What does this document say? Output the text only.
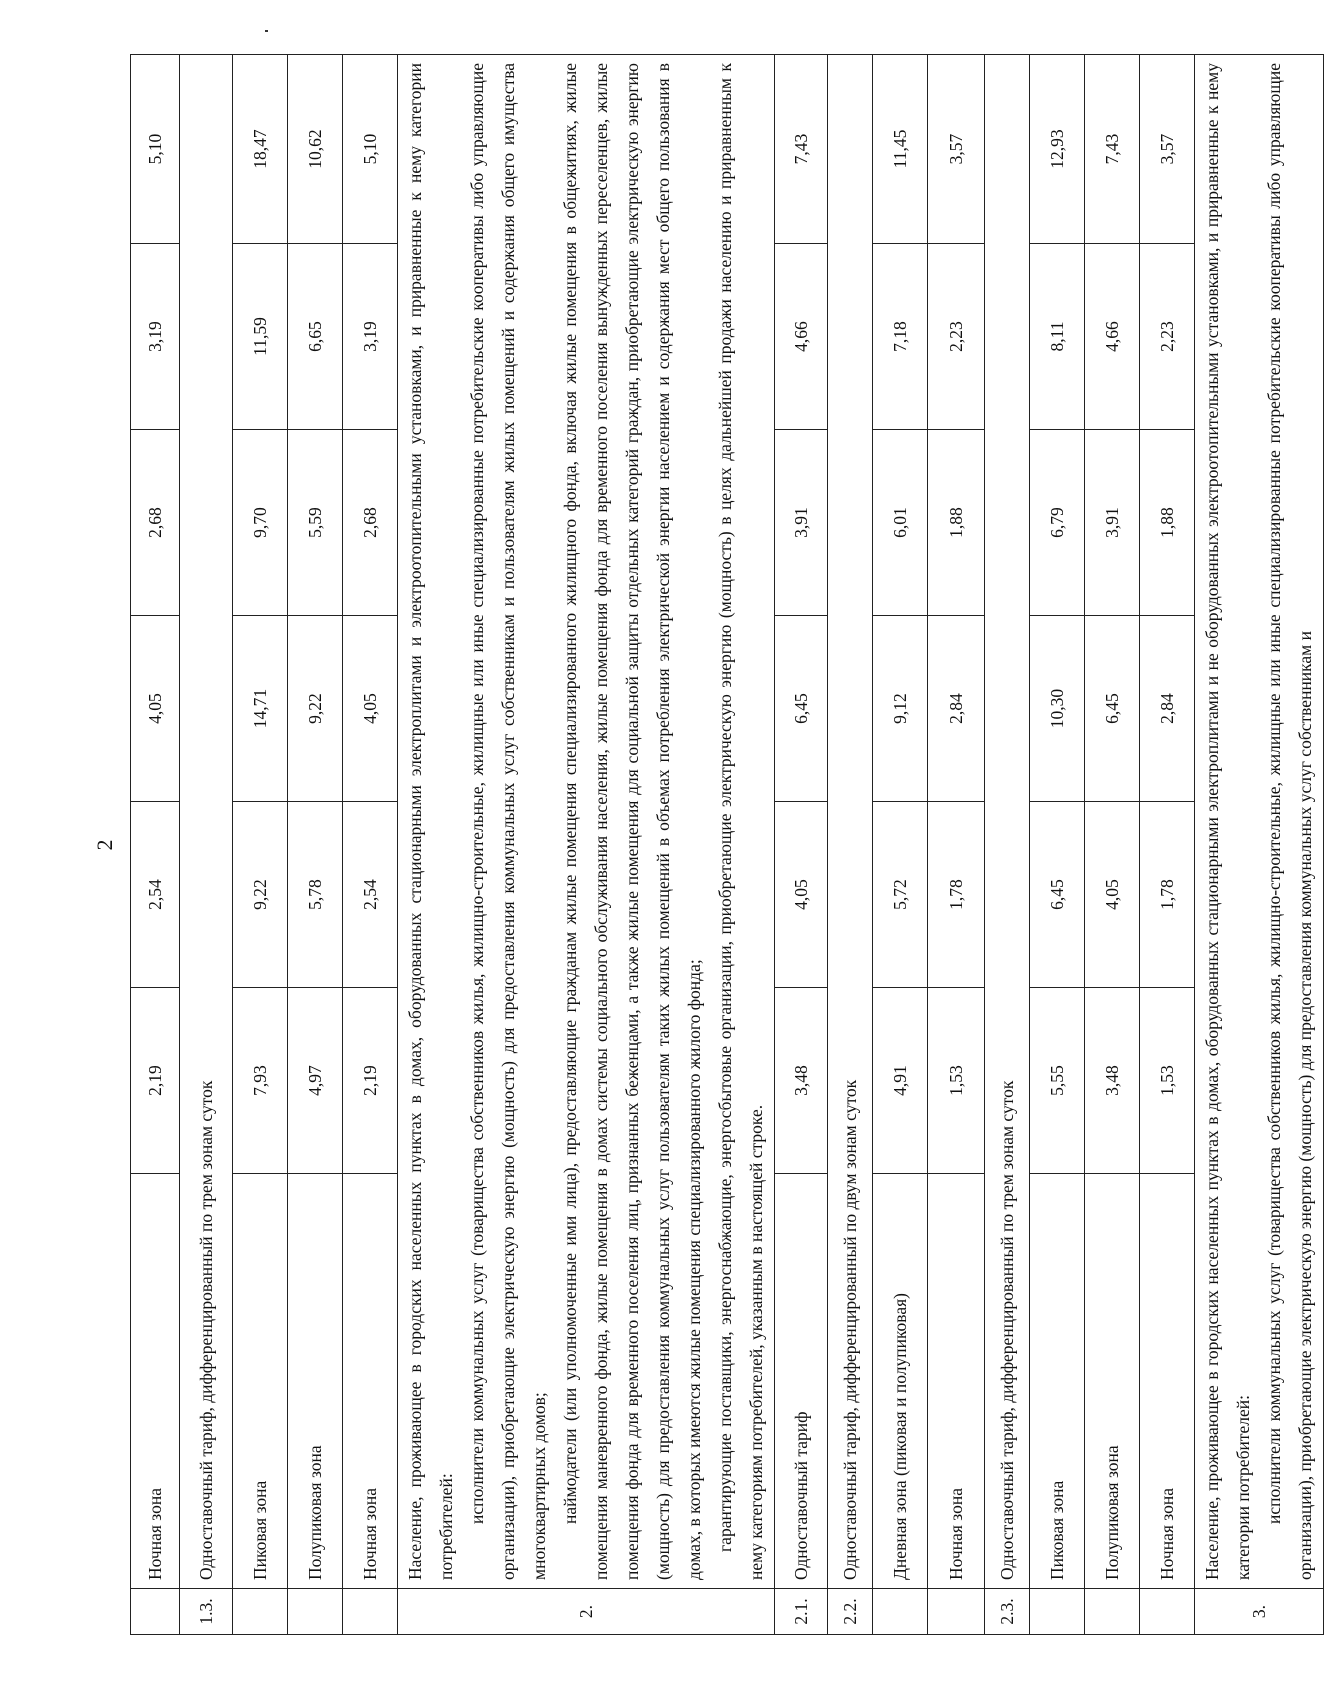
2
	Ночная зона	2,19	2,54	4,05	2,68	3,19	5,10
1.3.	Одноставочный тариф, дифференцированный по трем зонам суток						
	Пиковая зона	7,93	9,22	14,71	9,70	11,59	18,47
	Полупиковая зона	4,97	5,78	9,22	5,59	6,65	10,62
	Ночная зона	2,19	2,54	4,05	2,68	3,19	5,10
2.	Население, проживающее в городских населенных пунктах в домах, оборудованных стационарными электроплитами и электроотопительными установками, и приравненные к нему категории потребителей:

исполнители коммунальных услуг (товарищества собственников жилья, жилищно-строительные, жилищные или иные специализированные потребительские кооперативы либо управляющие организации), приобретающие электрическую энергию (мощность) для предоставления коммунальных услуг собственникам и пользователям жилых помещений и содержания общего имущества многоквартирных домов; наймодатели (или уполномоченные ими лица), предоставляющие гражданам жилые помещения специализированного жилищного фонда, включая жилые помещения в общежитиях, жилые помещения маневренного фонда, жилые помещения в домах системы социального обслуживания населения, жилые помещения фонда для временного поселения вынужденных переселенцев, жилые помещения фонда для временного поселения лиц, признанных беженцами, а также жилые помещения для социальной защиты отдельных категорий граждан, приобретающие электрическую энергию (мощность) для предоставления коммунальных услуг пользователям таких жилых помещений в объемах потребления электрической энергии населением и содержания мест общего пользования в домах, в которых имеются жилые помещения специализированного жилого фонда; гарантирующие поставщики, энергоснабжающие, энергосбытовые организации, приобретающие электрическую энергию (мощность) в целях дальнейшей продажи населению и приравненным к нему категориям потребителей, указанным в настоящей строке.						

2.1.	Одноставочный тариф	3,48	4,05	6,45	3,91	4,66	7,43
2.2.	Одноставочный тариф, дифференцированный по двум зонам суток						
	Дневная зона (пиковая и полупиковая)	4,91	5,72	9,12	6,01	7,18	11,45
	Ночная зона	1,53	1,78	2,84	1,88	2,23	3,57
2.3.	Одноставочный тариф, дифференцированный по трем зонам суток						
	Пиковая зона	5,55	6,45	10,30	6,79	8,11	12,93
	Полупиковая зона	3,48	4,05	6,45	3,91	4,66	7,43
	Ночная зона	1,53	1,78	2,84	1,88	2,23	3,57
3.	Население, проживающее в городских населенных пунктах в домах, оборудованных стационарными электроплитами и не оборудованных электроотопительными установками, и приравненные к нему категории потребителей: исполнители коммунальных услуг (товарищества собственников жилья, жилищно-строительные, жилищные или иные специализированные потребительские кооперативы либо управляющие организации), приобретающие электрическую энергию (мощность) для предоставления коммунальных услуг собственникам и						
